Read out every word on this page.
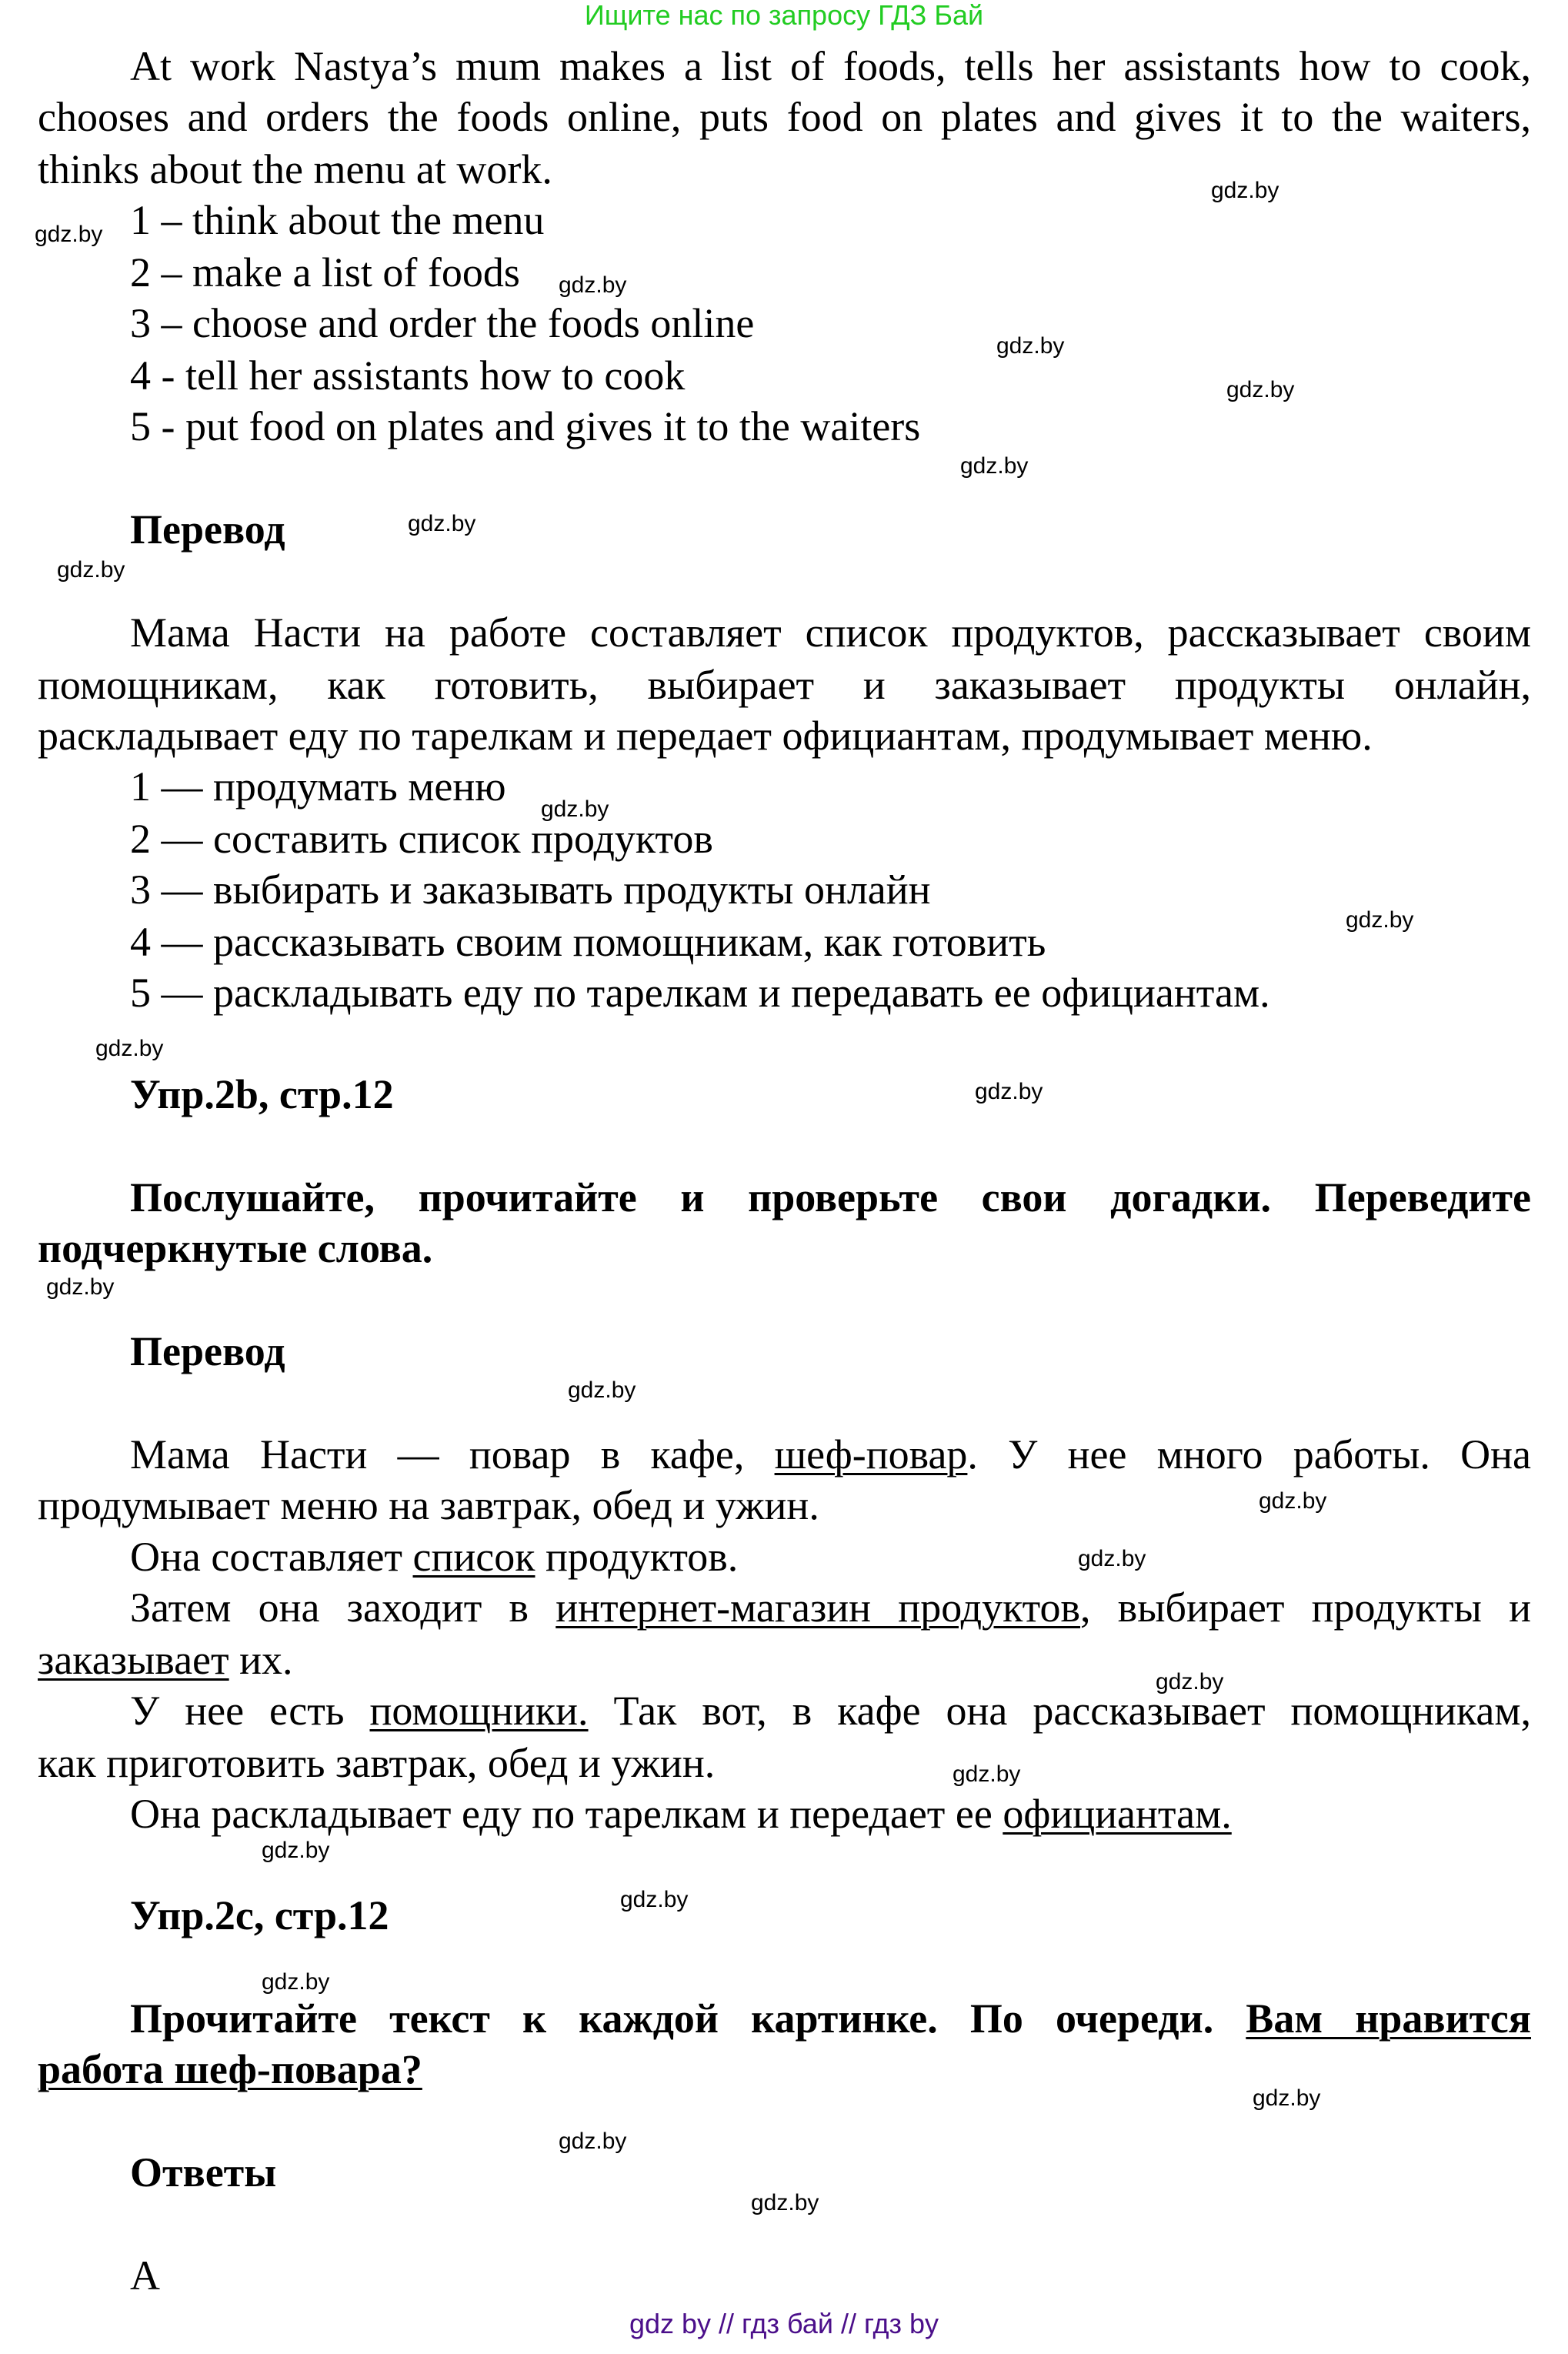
Ищите нас по запросу ГДЗ Бай
At work Nastya’s mum makes a list of foods, tells her assistants how to cook,
chooses and orders the foods online, puts food on plates and gives it to the waiters,
thinks about the menu at work.
1 – think about the menu
2 – make a list of foods
3 – choose and order the foods online
4 - tell her assistants how to cook
5 - put food on plates and gives it to the waiters
Перевод
Мама Насти на работе составляет список продуктов, рассказывает своим
помощникам, как готовить, выбирает и заказывает продукты онлайн,
раскладывает еду по тарелкам и передает официантам, продумывает меню.
1 — продумать меню
2 — составить список продуктов
3 — выбирать и заказывать продукты онлайн
4 — рассказывать своим помощникам, как готовить
5 — раскладывать еду по тарелкам и передавать ее официантам.
Упр.2b, стр.12
Послушайте, прочитайте и проверьте свои догадки. Переведите
подчеркнутые слова.
Перевод
Мама Насти — повар в кафе, шеф-повар. У нее много работы. Она
продумывает меню на завтрак, обед и ужин.
Она составляет список продуктов.
Затем она заходит в интернет-магазин продуктов, выбирает продукты и
заказывает их.
У нее есть помощники. Так вот, в кафе она рассказывает помощникам,
как приготовить завтрак, обед и ужин.
Она раскладывает еду по тарелкам и передает ее официантам.
Упр.2c, стр.12
Прочитайте текст к каждой картинке. По очереди. Вам нравится
работа шеф-повара?
Ответы
A
gdz.by
gdz.by
gdz.by
gdz.by
gdz.by
gdz.by
gdz.by
gdz.by
gdz.by
gdz.by
gdz.by
gdz.by
gdz.by
gdz.by
gdz.by
gdz.by
gdz.by
gdz.by
gdz.by
gdz.by
gdz.by
gdz.by
gdz.by
gdz.by
gdz by // гдз бай // гдз by
